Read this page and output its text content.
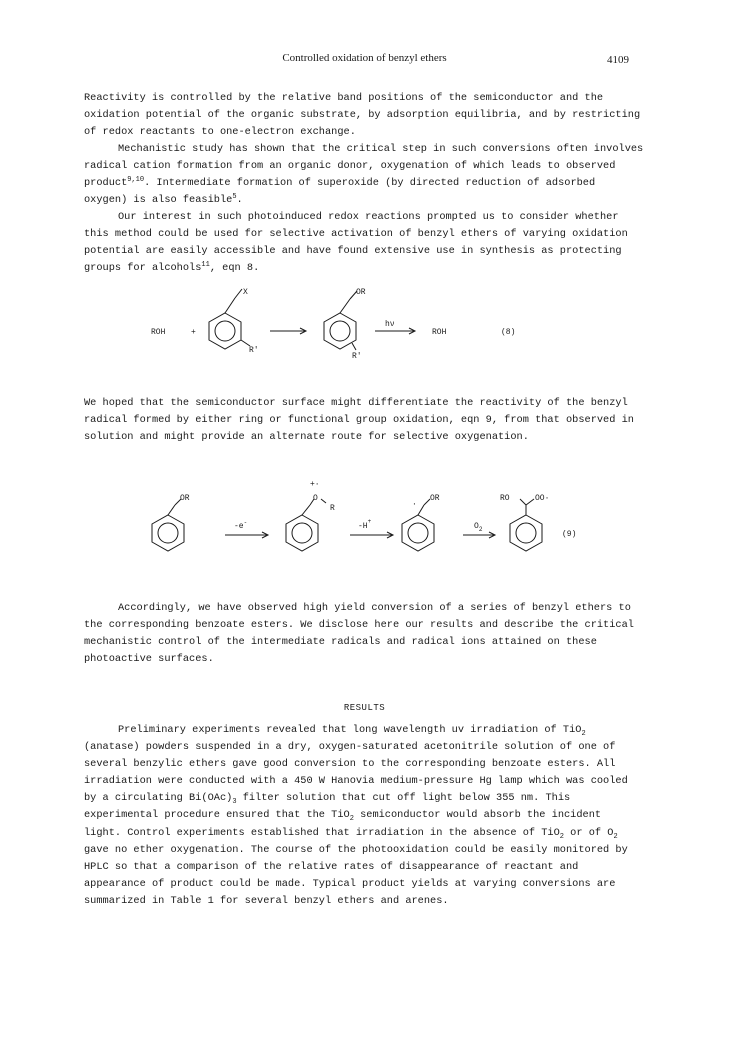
Controlled oxidation of benzyl ethers	4109

Reactivity is controlled by the relative band positions of the semiconductor and the oxidation potential of the organic substrate, by adsorption equilibria, and by restricting of redox reactants to one-electron exchange.

Mechanistic study has shown that the critical step in such conversions often involves radical cation formation from an organic donor, oxygenation of which leads to observed product$^{9,10}$. Intermediate formation of superoxide (by directed reduction of adsorbed oxygen) is also feasible$^5$.

Our interest in such photoinduced redox reactions prompted us to consider whether this method could be used for selective activation of benzyl ethers of varying oxidation potential are easily accessible and have found extensive use in synthesis as protecting groups for alcohols$^{11}$, eqn 8.

ROH	+
X
R'
OR
R'
hν
ROH	(8)

We hoped that the semiconductor surface might differentiate the reactivity of the benzyl radical formed by either ring or functional group oxidation, eqn 9, from that observed in solution and might provide an alternate route for selective oxygenation.

OR
-e-
+·
O
R
-H+
·
OR
$O_2$
RO	OO·
(9)

Accordingly, we have observed high yield conversion of a series of benzyl ethers to the corresponding benzoate esters. We disclose here our results and describe the critical mechanistic control of the intermediate radicals and radical ions attained on these photoactive surfaces.

RESULTS

Preliminary experiments revealed that long wavelength uv irradiation of TiO$_2$ (anatase) powders suspended in a dry, oxygen-saturated acetonitrile solution of one of several benzylic ethers gave good conversion to the corresponding benzoate esters. All irradiation were conducted with a 450 W Hanovia medium-pressure Hg lamp which was cooled by a circulating $Bi(OAc)_3$ filter solution that cut off light below 355 nm. This experimental procedure ensured that the TiO$_2$ semiconductor would absorb the incident light. Control experiments established that irradiation in the absence of TiO$_2$ or of $O_2$ gave no ether oxygenation. The course of the photooxidation could be easily monitored by HPLC so that a comparison of the relative rates of disappearance of reactant and appearance of product could be made. Typical product yields at varying conversions are summarized in Table 1 for several benzyl ethers and arenes.
